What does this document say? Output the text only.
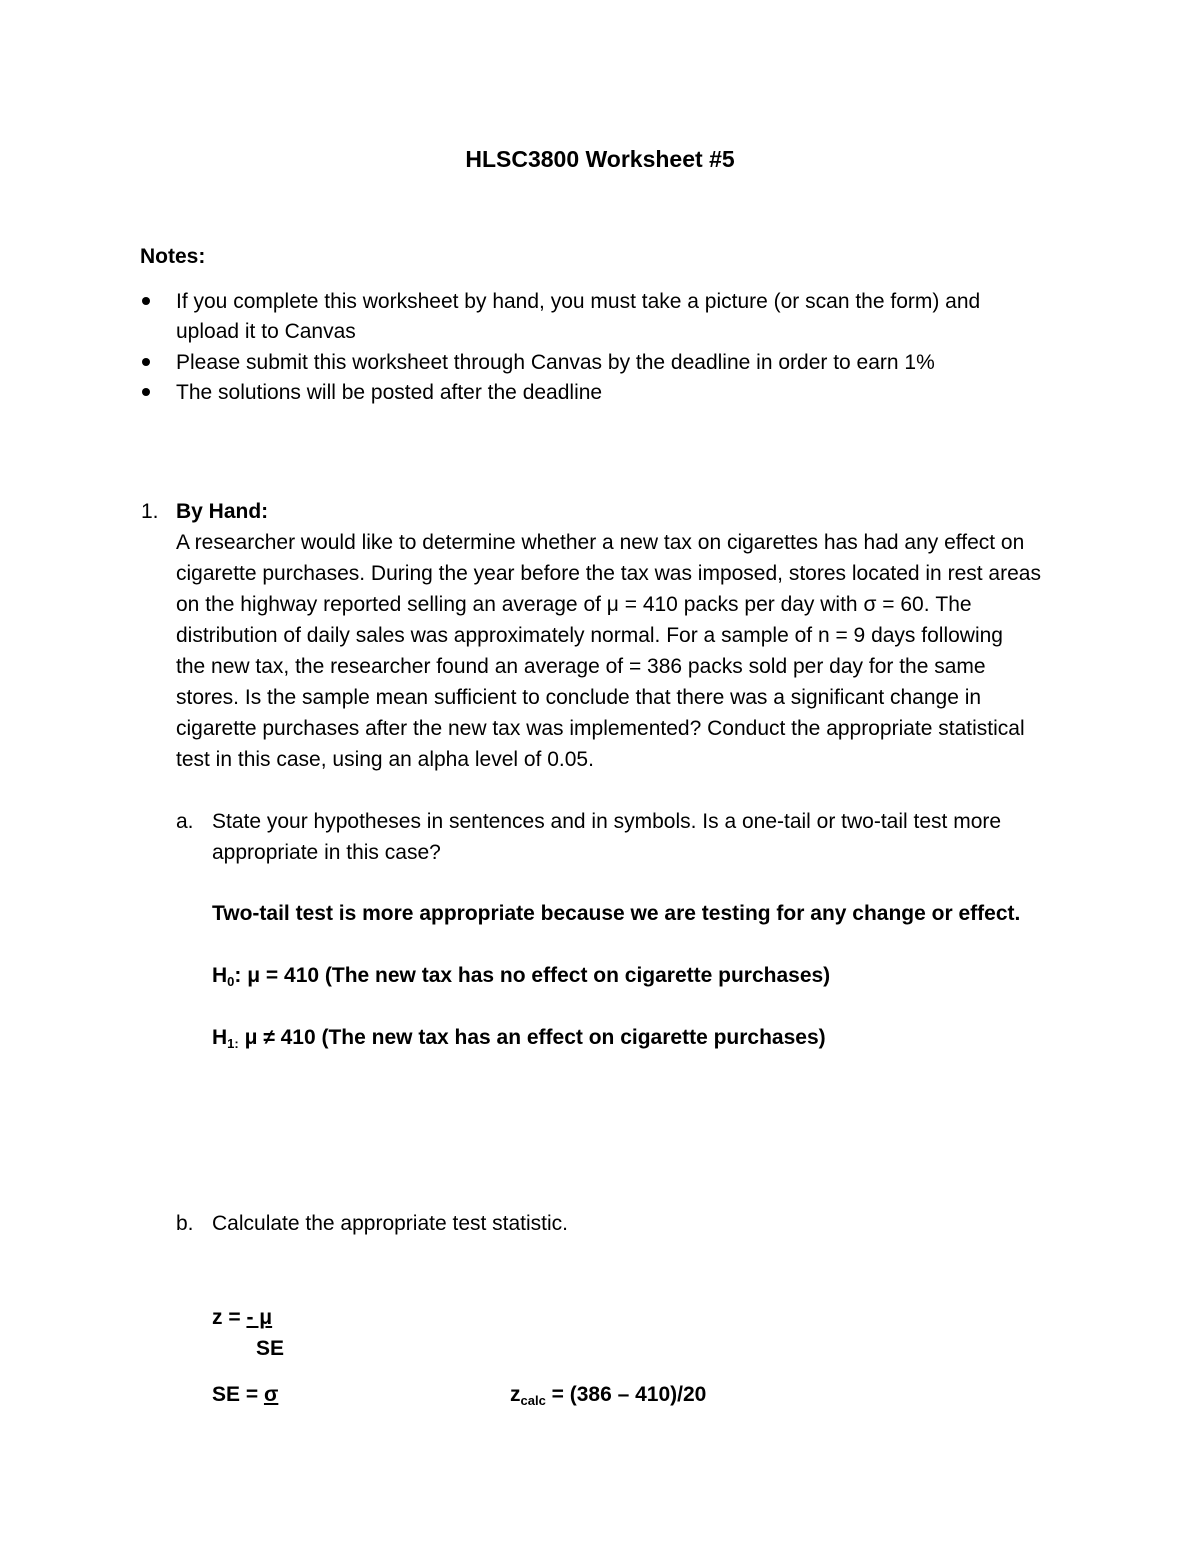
HLSC3800 Worksheet #5
Notes:
If you complete this worksheet by hand, you must take a picture (or scan the form) and
upload it to Canvas
Please submit this worksheet through Canvas by the deadline in order to earn 1%
The solutions will be posted after the deadline
1. By Hand:
A researcher would like to determine whether a new tax on cigarettes has had any effect on
cigarette purchases. During the year before the tax was imposed, stores located in rest areas
on the highway reported selling an average of μ = 410 packs per day with σ = 60. The
distribution of daily sales was approximately normal. For a sample of n = 9 days following
the new tax, the researcher found an average of = 386 packs sold per day for the same
stores. Is the sample mean sufficient to conclude that there was a significant change in
cigarette purchases after the new tax was implemented? Conduct the appropriate statistical
test in this case, using an alpha level of 0.05.
a. State your hypotheses in sentences and in symbols. Is a one-tail or two-tail test more
appropriate in this case?
Two-tail test is more appropriate because we are testing for any change or effect.
$H_0$: μ = 410 (The new tax has no effect on cigarette purchases)
$H_{1:}$ μ ≠ 410 (The new tax has an effect on cigarette purchases)
b. Calculate the appropriate test statistic.
z = - μ
SE
SE = σ	$z_{calc} = (386 - 410)/20$
